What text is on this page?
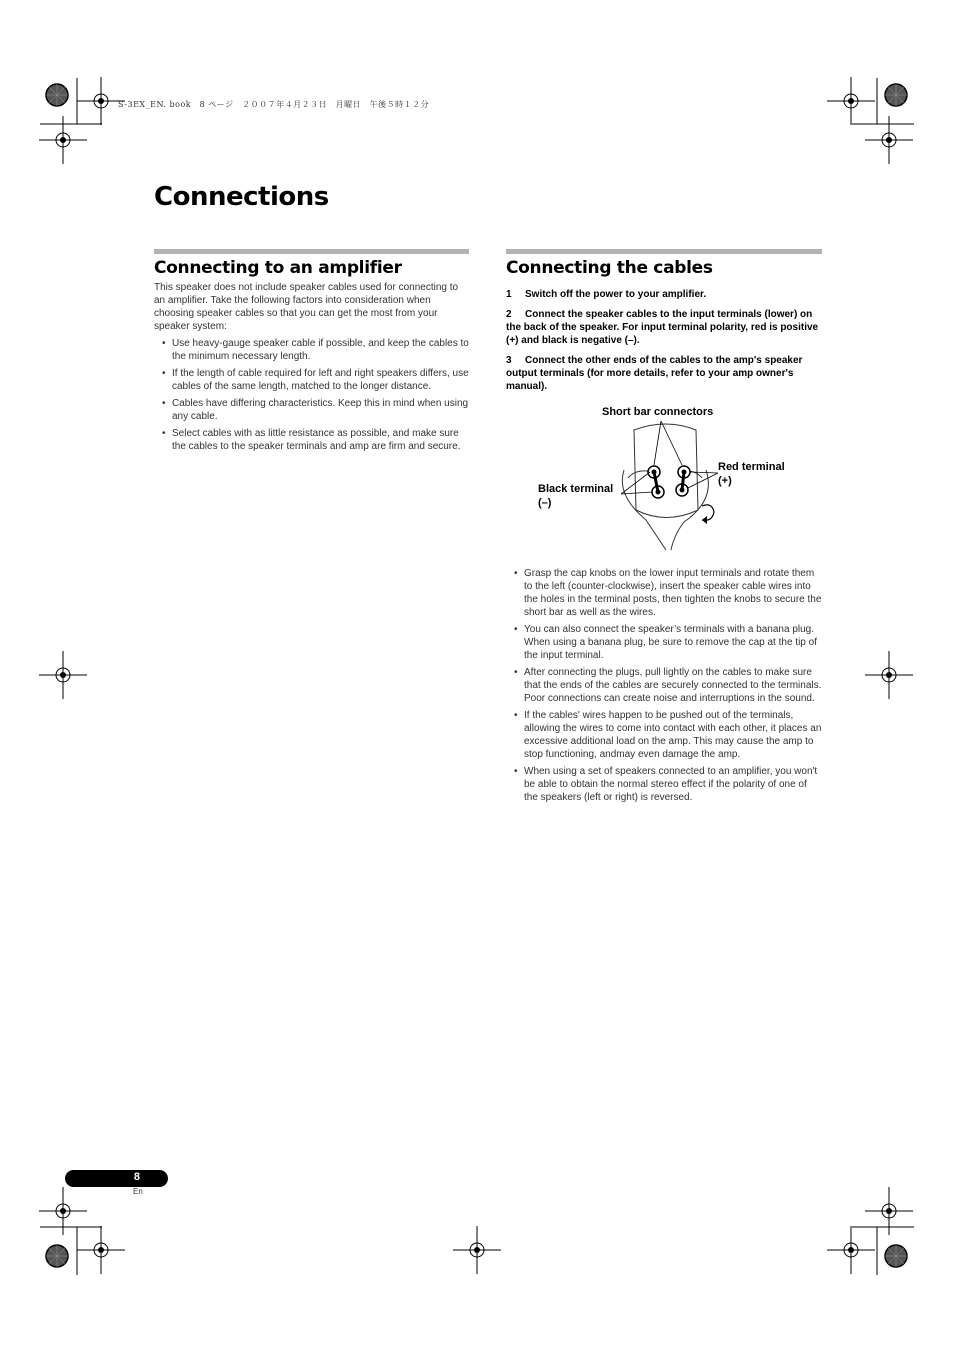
S-3EX_EN. book　8 ページ　２００７年４月２３日　月曜日　午後５時１２分
Connections
Connecting to an amplifier

This speaker does not include speaker cables used for connecting to an amplifier. Take the following factors into consideration when choosing speaker cables so that you can get the most from your speaker system:

• Use heavy-gauge speaker cable if possible, and keep the cables to the minimum necessary length.
• If the length of cable required for left and right speakers differs, use cables of the same length, matched to the longer distance.
• Cables have differing characteristics. Keep this in mind when using any cable.
• Select cables with as little resistance as possible, and make sure the cables to the speaker terminals and amp are firm and secure.
Connecting the cables

1 Switch off the power to your amplifier.

2 Connect the speaker cables to the input terminals (lower) on the back of the speaker. For input terminal polarity, red is positive (+) and black is negative (–).

3 Connect the other ends of the cables to the amp's speaker output terminals (for more details, refer to your amp owner's manual).

Short bar connectors
Red terminal
(+)
Black terminal
(–)
• Grasp the cap knobs on the lower input terminals and rotate them to the left (counter-clockwise), insert the speaker cable wires into the holes in the terminal posts, then tighten the knobs to secure the short bar as well as the wires.
• You can also connect the speaker’s terminals with a banana plug. When using a banana plug, be sure to remove the cap at the tip of the input terminal.
• After connecting the plugs, pull lightly on the cables to make sure that the ends of the cables are securely connected to the terminals. Poor connections can create noise and interruptions in the sound.
• If the cables' wires happen to be pushed out of the terminals, allowing the wires to come into contact with each other, it places an excessive additional load on the amp. This may cause the amp to stop functioning, andmay even damage the amp.
• When using a set of speakers connected to an amplifier, you won't be able to obtain the normal stereo effect if the polarity of one of the speakers (left or right) is reversed.
8
En
